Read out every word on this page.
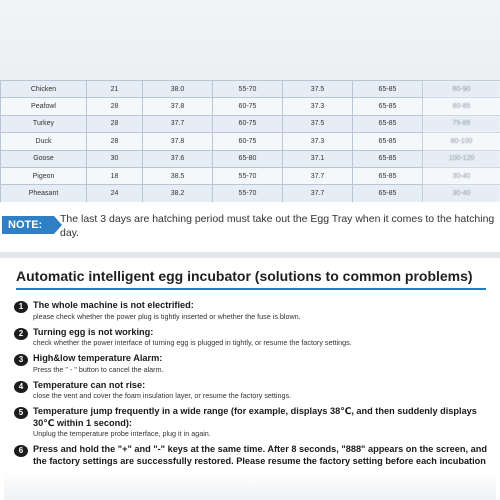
Chicken	21	38.0	55-70	37.5	65-85	80-90
Peafowl	28	37.8	60-75	37.3	65-85	80-85
Turkey	28	37.7	60-75	37.5	65-85	75-85
Duck	28	37.8	60-75	37.3	65-85	80-100
Goose	30	37.6	65-80	37.1	65-85	100-120
Pigeon	18	38.5	55-70	37.7	65-85	30-40
Pheasant	24	38.2	55-70	37.7	65-85	30-40
NOTE:	The last 3 days are hatching period must take out the Egg Tray when it comes to the hatching day.
Automatic intelligent egg incubator (solutions to common problems)
1	The whole machine is not electrified:
please check whether the power plug is tightly inserted or whether the fuse is blown.
2	Turning egg is not working:
check whether the power interface of turning egg is plugged in tightly, or resume the factory settings.
3	High&low temperature Alarm:
Press the " - " button to cancel the alarm.
4	Temperature can not rise:
close the vent and cover the foam insulation layer, or resume the factory settings.
5	Temperature jump frequently in a wide range (for example, displays 38℃, and then suddenly displays 30℃ within 1 second):
Unplug the temperature probe interface, plug it in again.
6	Press and hold the "+" and "-" keys at the same time. After 8 seconds, "888" appears on the screen, and the factory settings are successfully restored. Please resume the factory setting before each incubation
